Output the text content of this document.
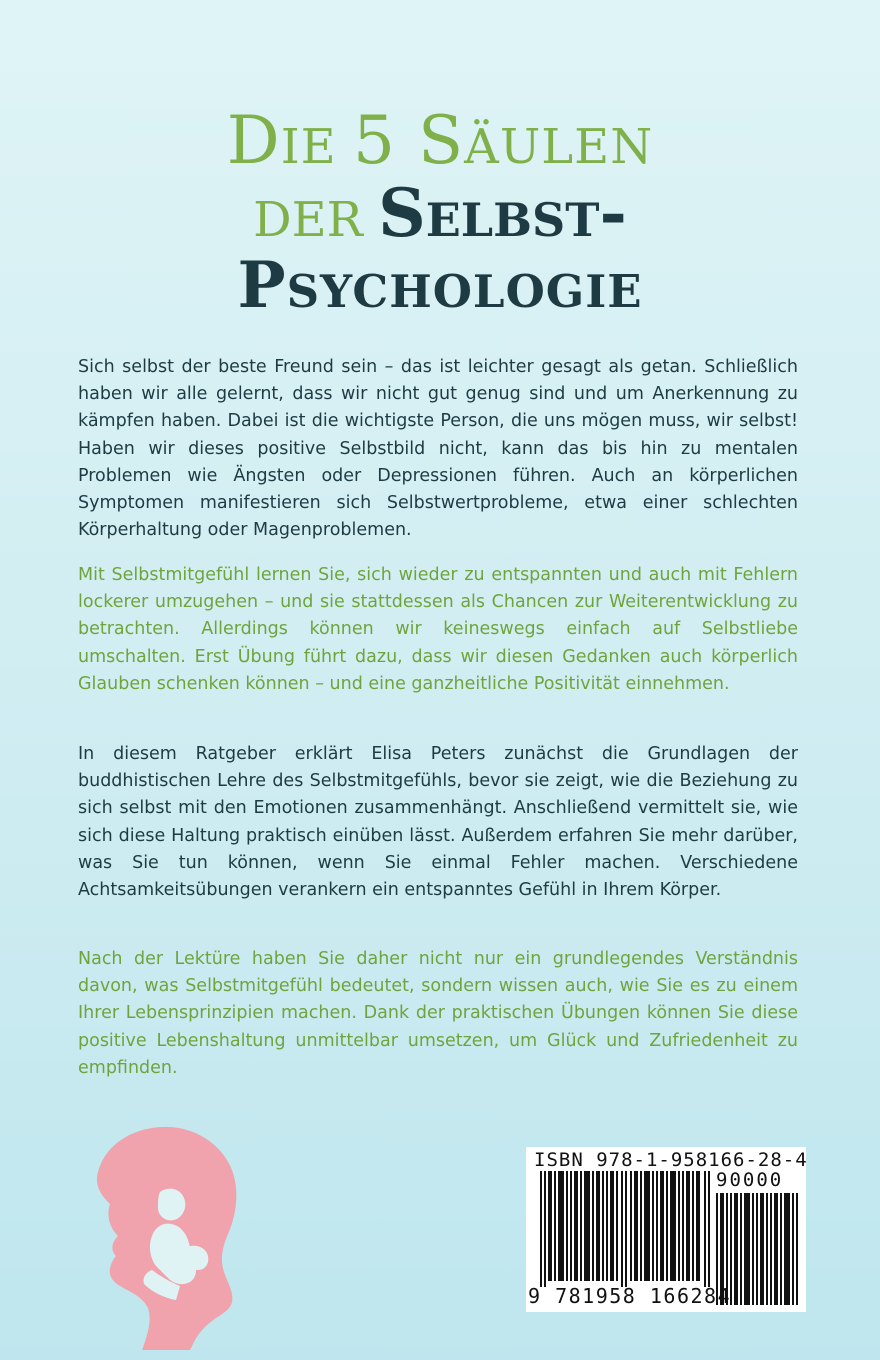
DIE 5 SÄULEN
DER Selbst-
Psychologie

Sich selbst der beste Freund sein – das ist leichter gesagt als getan. Schließlich haben wir alle gelernt, dass wir nicht gut genug sind und um Anerkennung zu kämpfen haben. Dabei ist die wichtigste Person, die uns mögen muss, wir selbst! Haben wir dieses positive Selbstbild nicht, kann das bis hin zu mentalen Problemen wie Ängsten oder Depressionen führen. Auch an körperlichen Symptomen manifestieren sich Selbstwertprobleme, etwa einer schlechten Körperhaltung oder Magenproblemen.

Mit Selbstmitgefühl lernen Sie, sich wieder zu entspannten und auch mit Fehlern lockerer umzugehen – und sie stattdessen als Chancen zur Weiterentwicklung zu betrachten. Allerdings können wir keineswegs einfach auf Selbstliebe umschalten. Erst Übung führt dazu, dass wir diesen Gedanken auch körperlich Glauben schenken können – und eine ganzheitliche Positivität einnehmen.

In diesem Ratgeber erklärt Elisa Peters zunächst die Grundlagen der buddhistischen Lehre des Selbstmitgefühls, bevor sie zeigt, wie die Beziehung zu sich selbst mit den Emotionen zusammenhängt. Anschließend vermittelt sie, wie sich diese Haltung praktisch einüben lässt. Außerdem erfahren Sie mehr darüber, was Sie tun können, wenn Sie einmal Fehler machen. Verschiedene Achtsamkeitsübungen verankern ein entspanntes Gefühl in Ihrem Körper.

Nach der Lektüre haben Sie daher nicht nur ein grundlegendes Verständnis davon, was Selbstmitgefühl bedeutet, sondern wissen auch, wie Sie es zu einem Ihrer Lebensprinzipien machen. Dank der praktischen Übungen können Sie diese positive Lebenshaltung unmittelbar umsetzen, um Glück und Zufriedenheit zu empfinden.

ISBN 978-1-958166-28-4
90000
9 781958 166284
